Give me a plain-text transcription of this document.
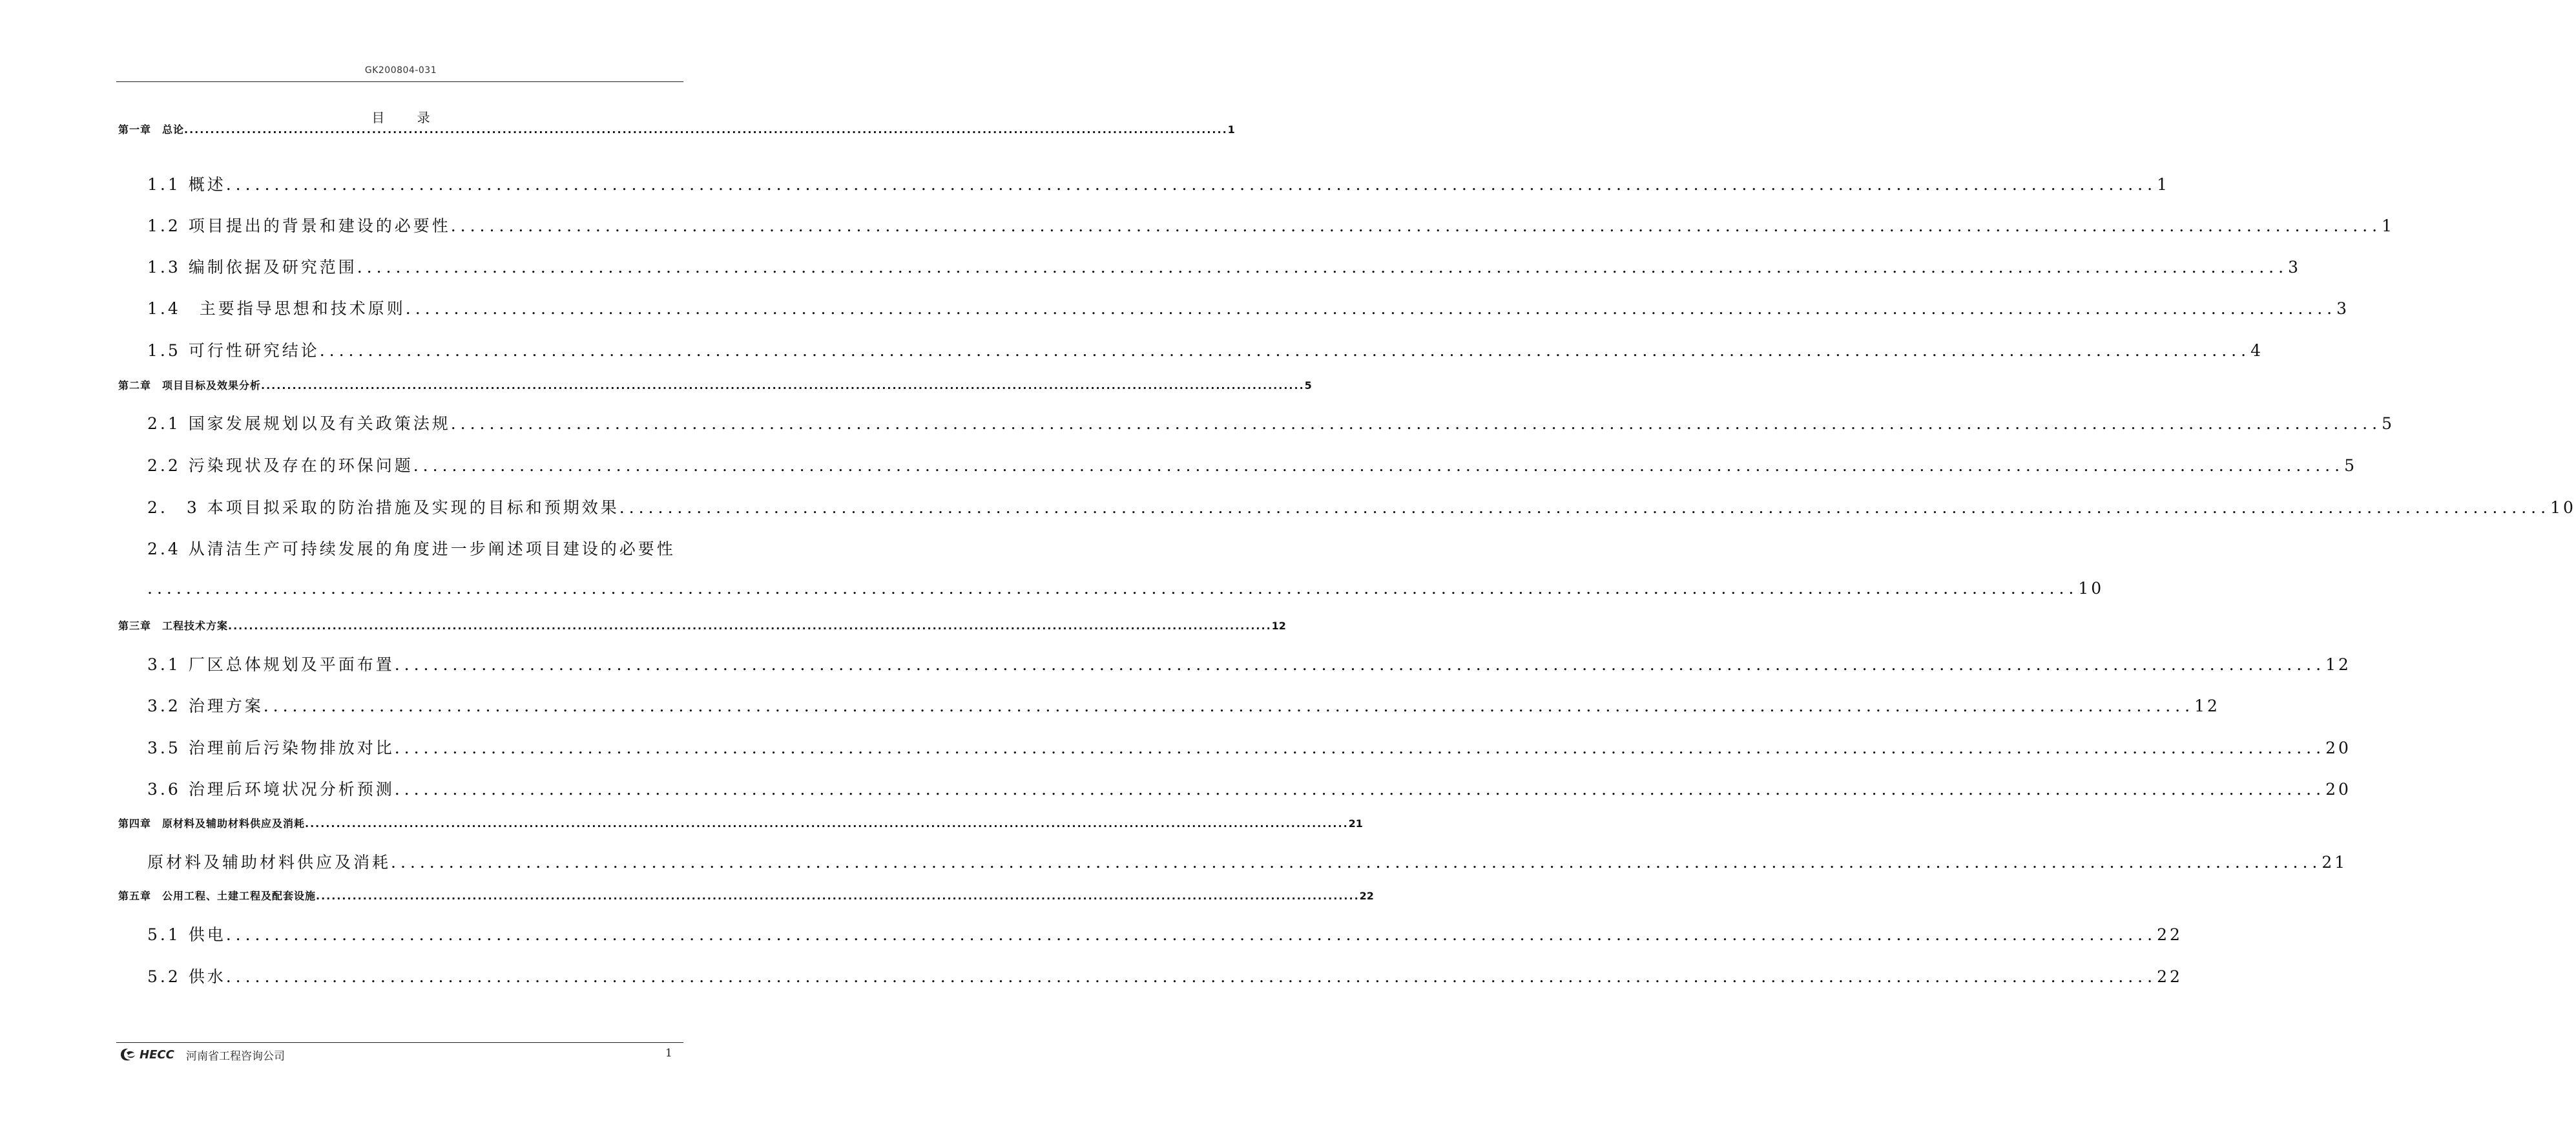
GK200804-031
目 录
第一章　总论 ........................................................................................................................................................................................................ 1
1.1 概述 ........................................................................................................................................................................................................ 1
1.2 项目提出的背景和建设的必要性 ........................................................................................................................................................................................................ 1
1.3 编制依据及研究范围 ........................................................................................................................................................................................................ 3
1.4　主要指导思想和技术原则 ........................................................................................................................................................................................................ 3
1.5 可行性研究结论 ........................................................................................................................................................................................................ 4
第二章　项目目标及效果分析 ........................................................................................................................................................................................................ 5
2.1 国家发展规划以及有关政策法规 ........................................................................................................................................................................................................ 5
2.2 污染现状及存在的环保问题 ........................................................................................................................................................................................................ 5
2.　3 本项目拟采取的防治措施及实现的目标和预期效果 ........................................................................................................................................................................................................ 10
2.4 从清洁生产可持续发展的角度进一步阐述项目建设的必要性
........................................................................................................................................................................................................ 10
第三章　工程技术方案 ........................................................................................................................................................................................................ 12
3.1 厂区总体规划及平面布置 ........................................................................................................................................................................................................ 12
3.2 治理方案 ........................................................................................................................................................................................................ 12
3.5 治理前后污染物排放对比 ........................................................................................................................................................................................................ 20
3.6 治理后环境状况分析预测 ........................................................................................................................................................................................................ 20
第四章　原材料及辅助材料供应及消耗 ........................................................................................................................................................................................................ 21
原材料及辅助材料供应及消耗 ........................................................................................................................................................................................................ 21
第五章　公用工程、土建工程及配套设施 ........................................................................................................................................................................................................ 22
5.1 供电 ........................................................................................................................................................................................................ 22
5.2 供水 ........................................................................................................................................................................................................ 22
HECC 河南省工程咨询公司	1
